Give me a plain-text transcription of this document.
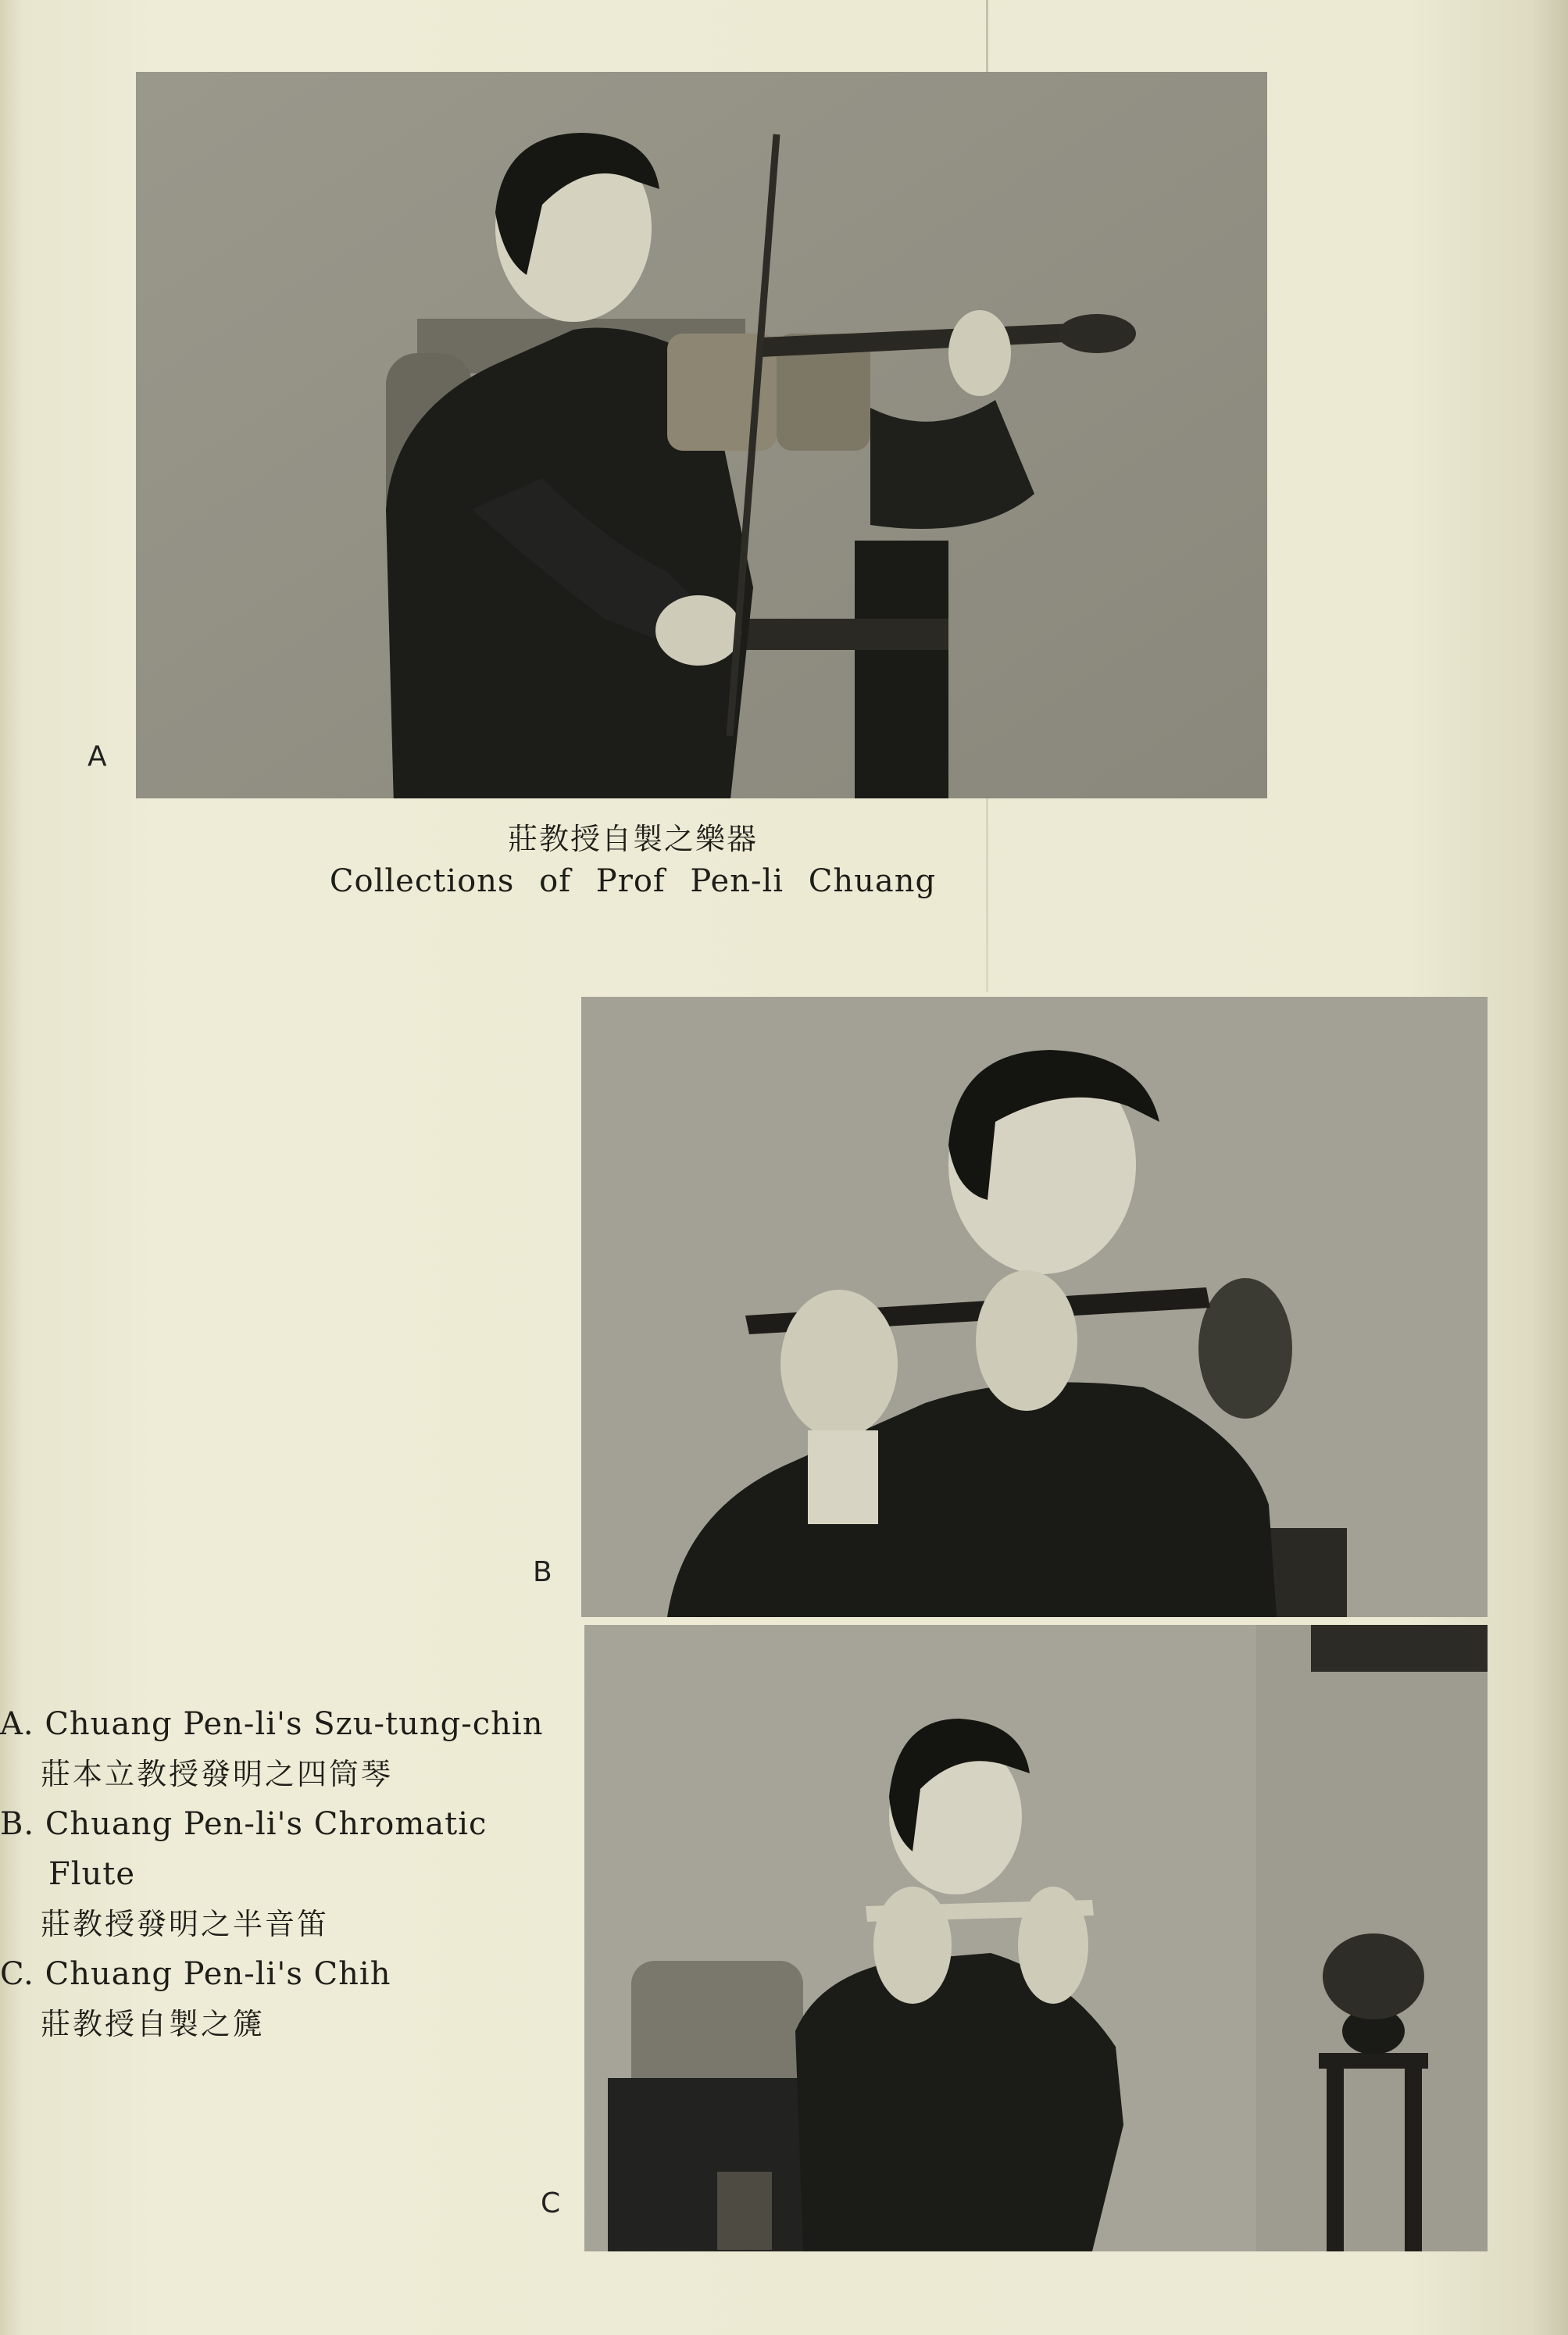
A
莊教授自製之樂器
Collections of Prof Pen-li Chuang
B
C
A. Chuang Pen-li's Szu-tung-chin
莊本立教授發明之四筒琴
B. Chuang Pen-li's Chromatic
Flute
莊教授發明之半音笛
C. Chuang Pen-li's Chih
莊教授自製之篪
